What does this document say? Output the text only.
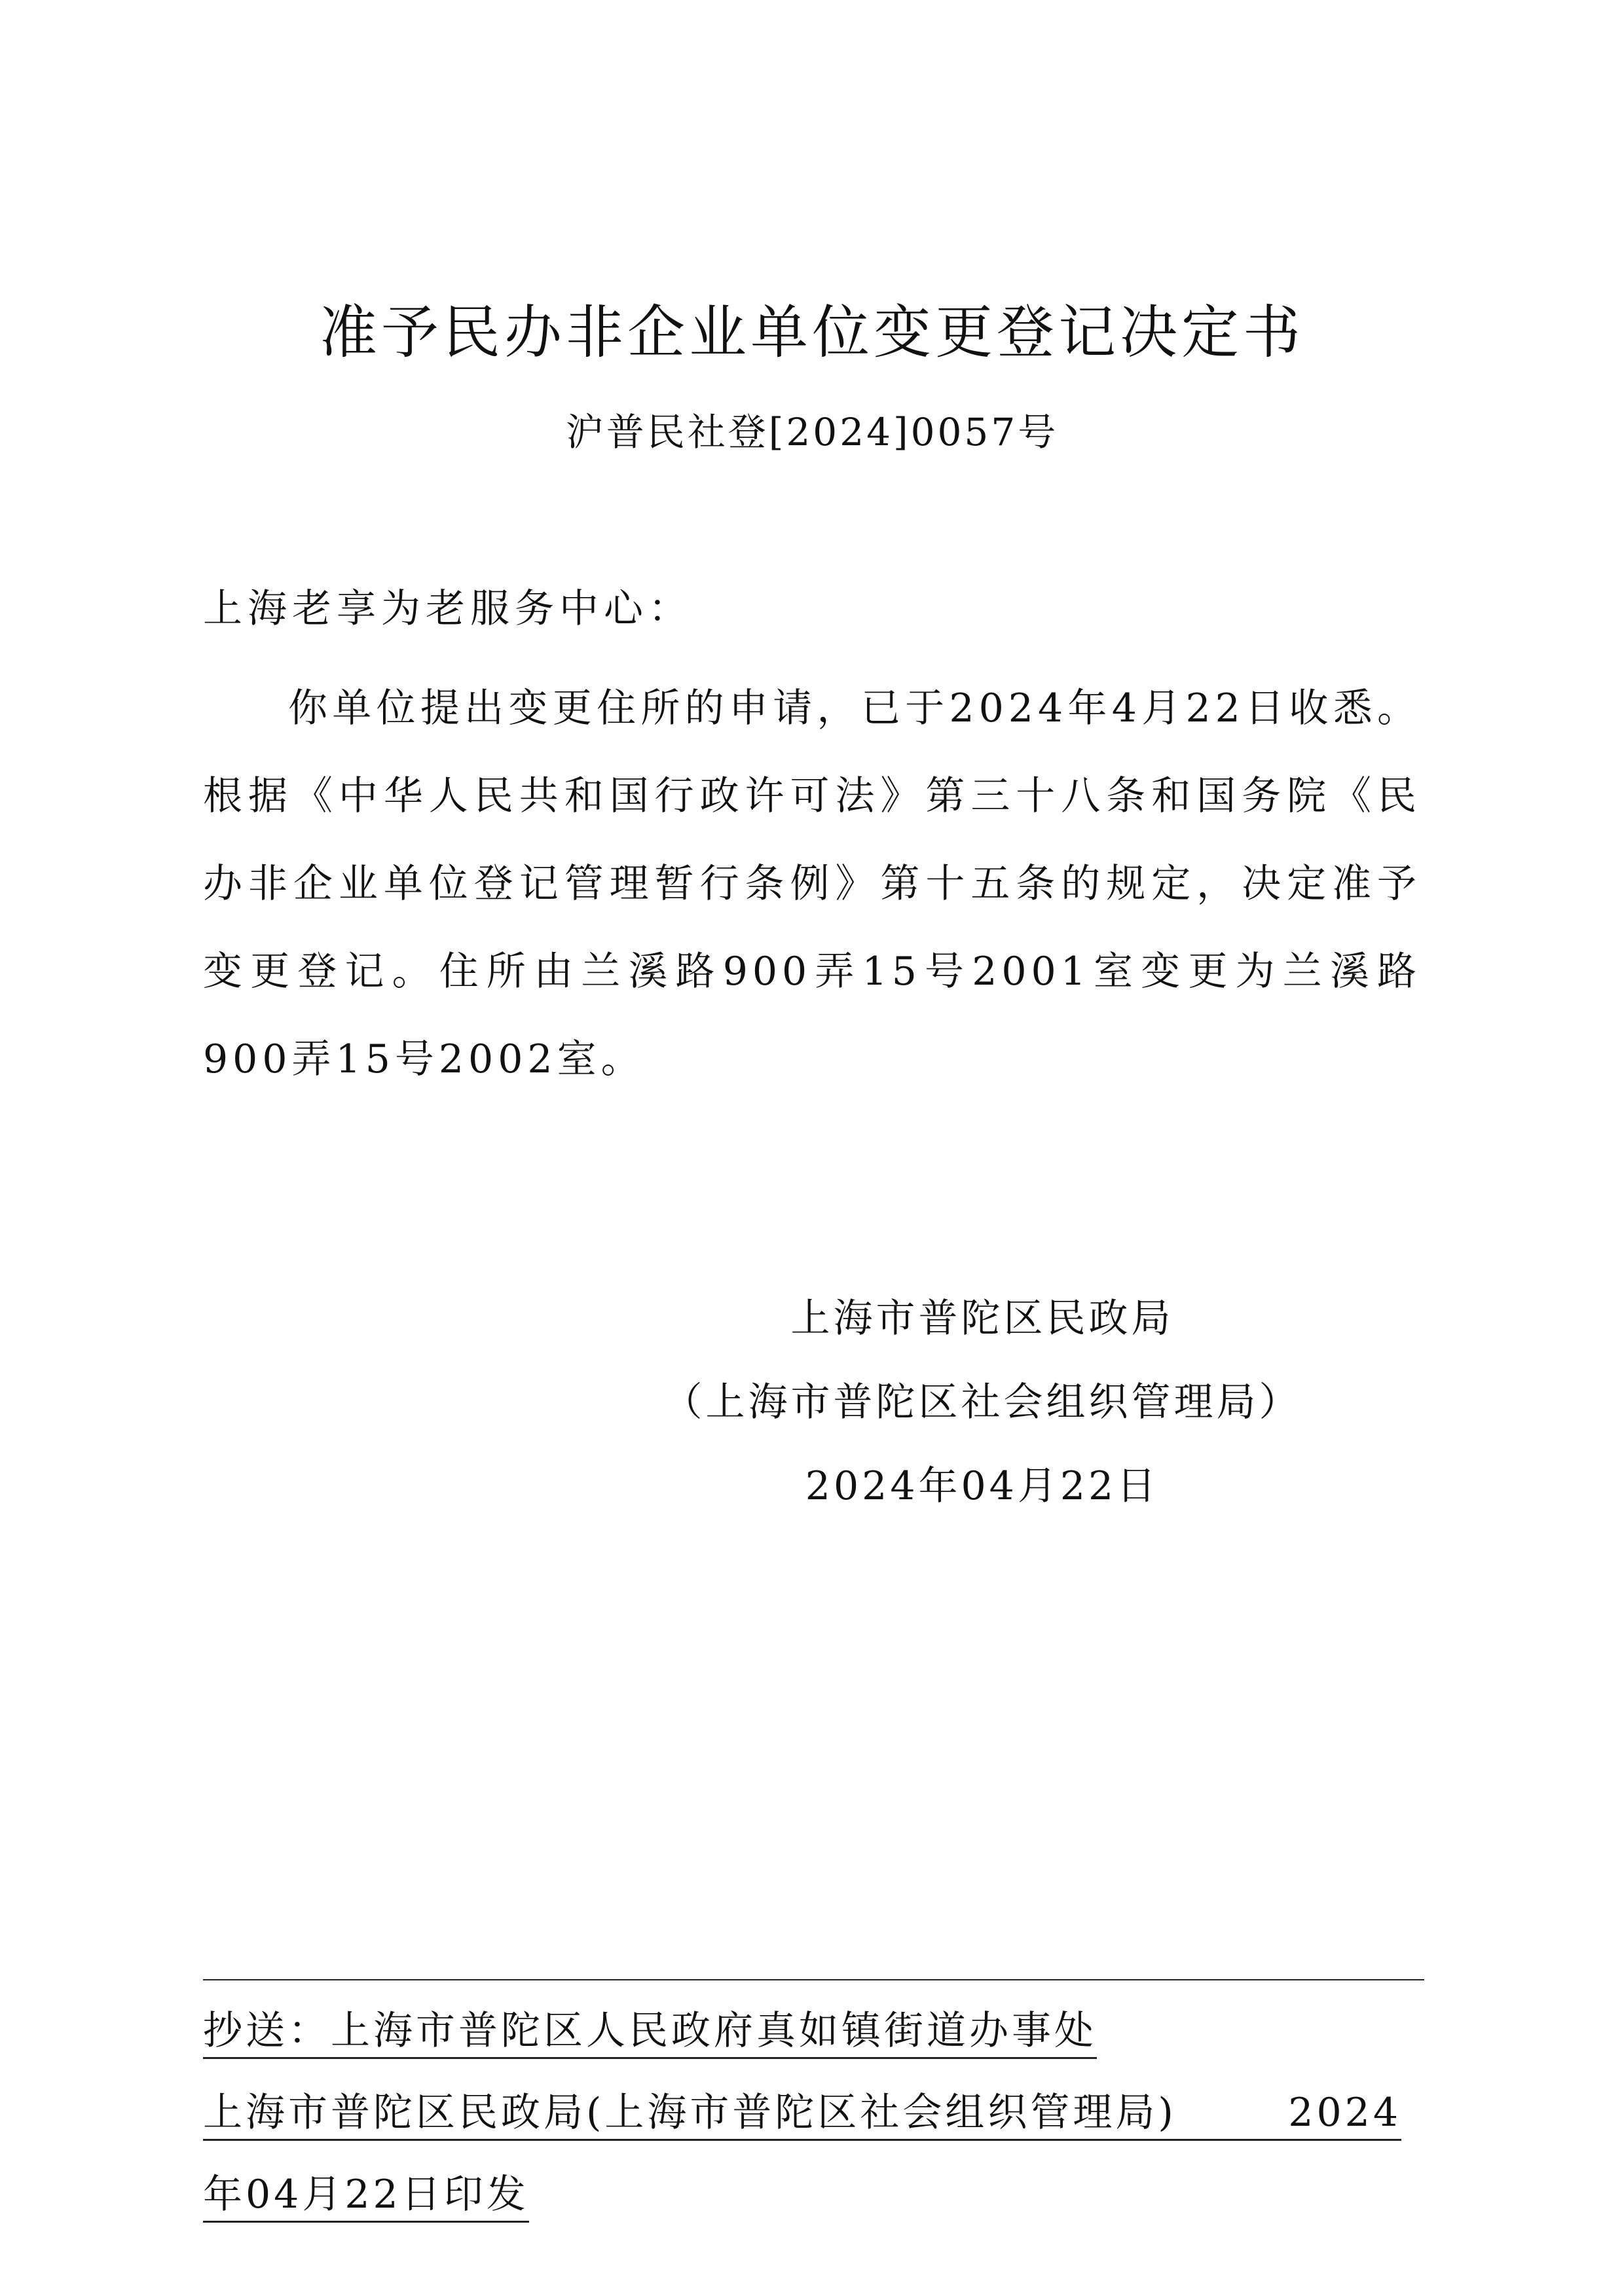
准予民办非企业单位变更登记决定书
沪普民社登[2024]0057号
上海老享为老服务中心：
你单位提出变更住所的申请，已于2024年4月22日收悉。根据《中华人民共和国行政许可法》第三十八条和国务院《民办非企业单位登记管理暂行条例》第十五条的规定，决定准予变更登记。住所由兰溪路900弄15号2001室变更为兰溪路900弄15号2002室。
上海市普陀区民政局
（上海市普陀区社会组织管理局）
2024年04月22日
抄送：上海市普陀区人民政府真如镇街道办事处
上海市普陀区民政局(上海市普陀区社会组织管理局)	2024
年04月22日印发
